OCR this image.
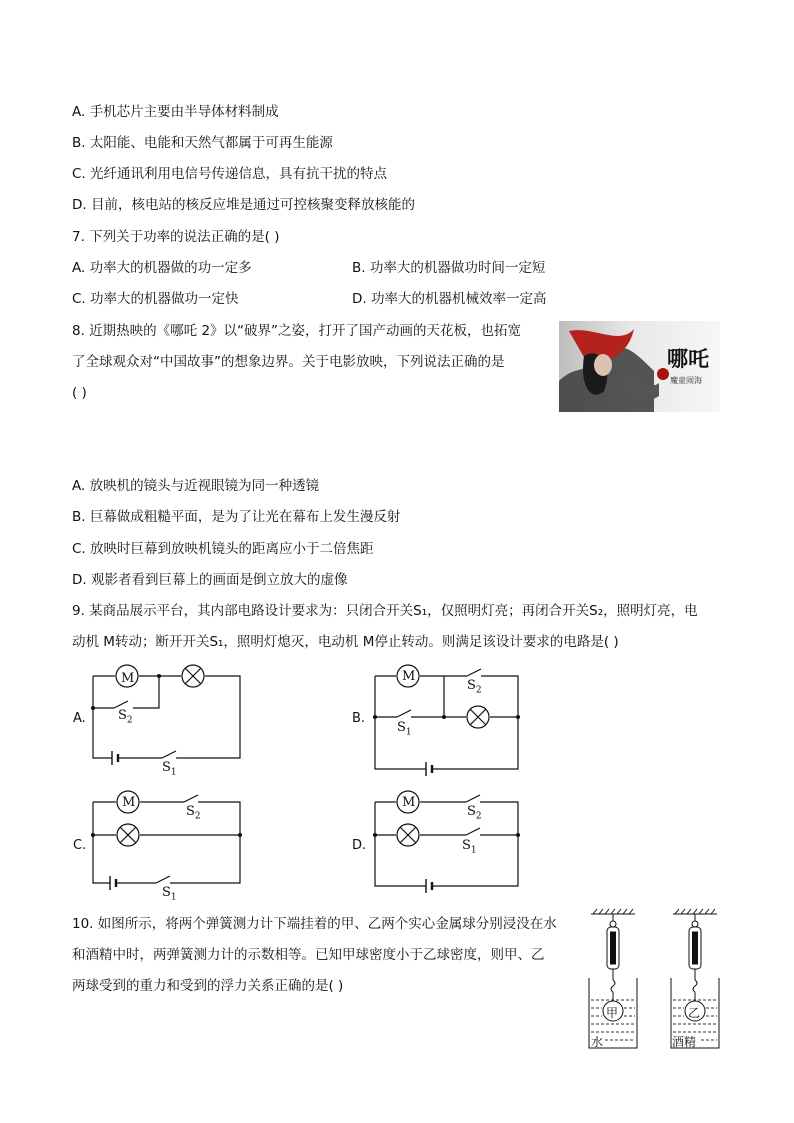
A. 手机芯片主要由半导体材料制成
B. 太阳能、电能和天然气都属于可再生能源
C. 光纤通讯利用电信号传递信息，具有抗干扰的特点
D. 目前，核电站的核反应堆是通过可控核聚变释放核能的
7. 下列关于功率的说法正确的是( )
A. 功率大的机器做的功一定多	B. 功率大的机器做功时间一定短
C. 功率大的机器做功一定快	D. 功率大的机器机械效率一定高
8. 近期热映的《哪吒 2》以“破界”之姿，打开了国产动画的天花板，也拓宽
了全球观众对“中国故事”的想象边界。关于电影放映，下列说法正确的是
( )
哪吒
魔童闹海
A. 放映机的镜头与近视眼镜为同一种透镜
B. 巨幕做成粗糙平面，是为了让光在幕布上发生漫反射
C. 放映时巨幕到放映机镜头的距离应小于二倍焦距
D. 观影者看到巨幕上的画面是倒立放大的虚像
9. 某商品展示平台，其内部电路设计要求为：只闭合开关S₁，仅照明灯亮；再闭合开关S₂，照明灯亮，电
动机 M转动；断开开关S₁，照明灯熄灭，电动机 M停止转动。则满足该设计要求的电路是( )
A.
M
$S_2$
$S_1$
B.
M
$S_2$
$S_1$
C.
M
$S_2$
$S_1$
D.
M
$S_2$
$S_1$
10. 如图所示，将两个弹簧测力计下端挂着的甲、乙两个实心金属球分别浸没在水
和酒精中时，两弹簧测力计的示数相等。已知甲球密度小于乙球密度，则甲、乙
两球受到的重力和受到的浮力关系正确的是( )
甲	乙
水	酒精
